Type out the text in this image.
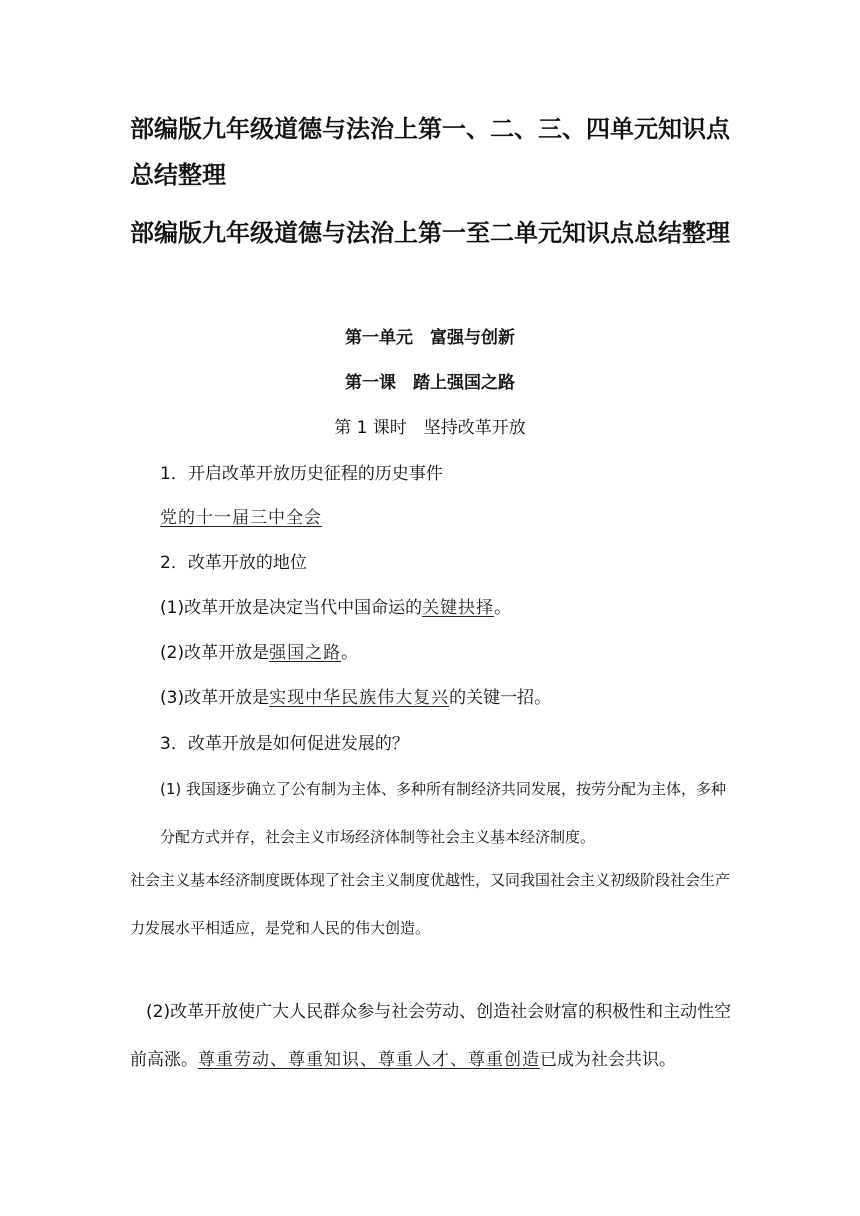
部编版九年级道德与法治上第一、二、三、四单元知识点总结整理
部编版九年级道德与法治上第一至二单元知识点总结整理

第一单元　富强与创新

第一课　踏上强国之路

第 1 课时　坚持改革开放

1．开启改革开放历史征程的历史事件

党的十一届三中全会

2．改革开放的地位

(1)改革开放是决定当代中国命运的关键抉择。

(2)改革开放是强国之路。

(3)改革开放是实现中华民族伟大复兴的关键一招。

3．改革开放是如何促进发展的？

(1) 我国逐步确立了公有制为主体、多种所有制经济共同发展，按劳分配为主体，多种分配方式并存，社会主义市场经济体制等社会主义基本经济制度。

社会主义基本经济制度既体现了社会主义制度优越性，又同我国社会主义初级阶段社会生产力发展水平相适应，是党和人民的伟大创造。

(2)改革开放使广大人民群众参与社会劳动、创造社会财富的积极性和主动性空前高涨。尊重劳动、尊重知识、尊重人才、尊重创造已成为社会共识。
